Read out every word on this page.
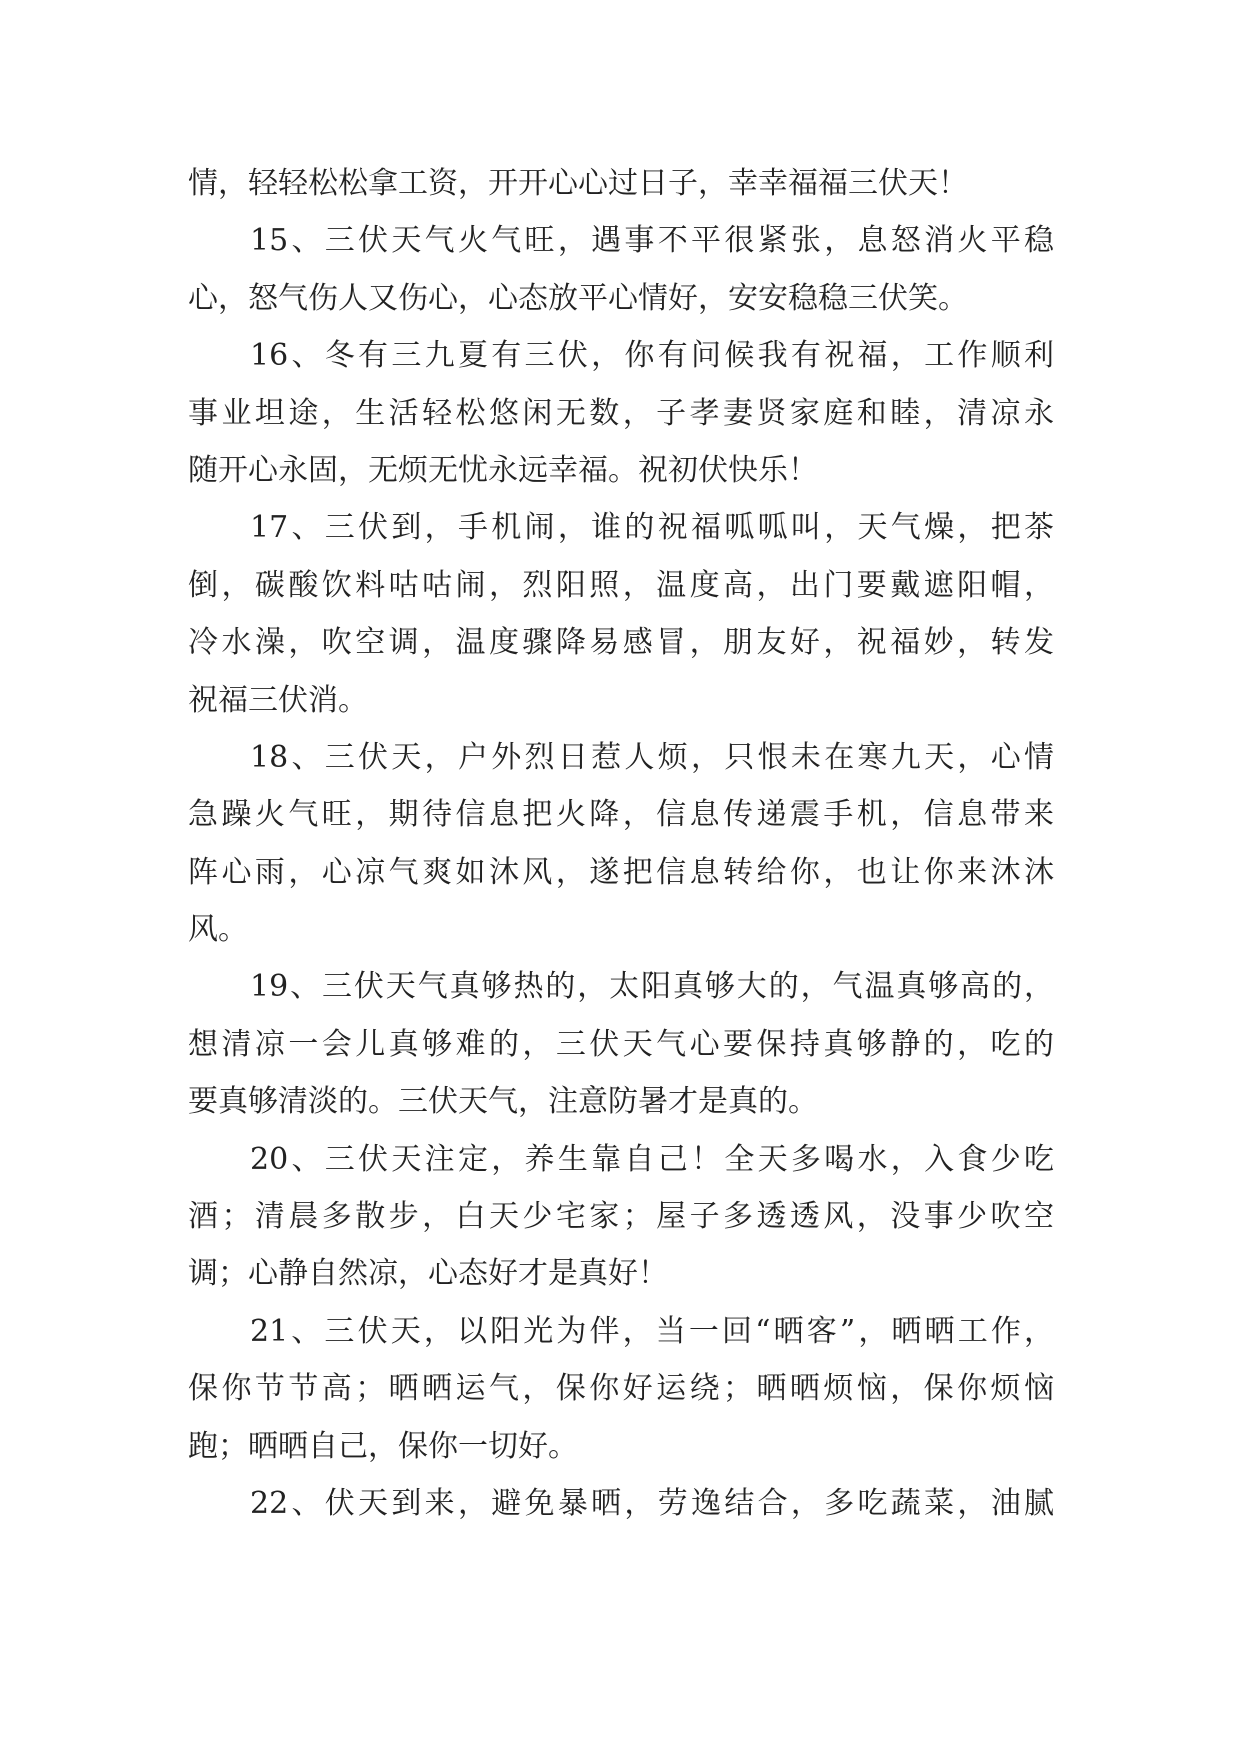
情，轻轻松松拿工资，开开心心过日子，幸幸福福三伏天！
15、三伏天气火气旺，遇事不平很紧张，息怒消火平稳
心，怒气伤人又伤心，心态放平心情好，安安稳稳三伏笑。
16、冬有三九夏有三伏，你有问候我有祝福，工作顺利
事业坦途，生活轻松悠闲无数，子孝妻贤家庭和睦，清凉永
随开心永固，无烦无忧永远幸福。祝初伏快乐！
17、三伏到，手机闹，谁的祝福呱呱叫，天气燥，把茶
倒，碳酸饮料咕咕闹，烈阳照，温度高，出门要戴遮阳帽，
冷水澡，吹空调，温度骤降易感冒，朋友好，祝福妙，转发
祝福三伏消。
18、三伏天，户外烈日惹人烦，只恨未在寒九天，心情
急躁火气旺，期待信息把火降，信息传递震手机，信息带来
阵心雨，心凉气爽如沐风，遂把信息转给你，也让你来沐沐
风。
19、三伏天气真够热的，太阳真够大的，气温真够高的，
想清凉一会儿真够难的，三伏天气心要保持真够静的，吃的
要真够清淡的。三伏天气，注意防暑才是真的。
20、三伏天注定，养生靠自己！全天多喝水，入食少吃
酒；清晨多散步，白天少宅家；屋子多透透风，没事少吹空
调；心静自然凉，心态好才是真好！
21、三伏天，以阳光为伴，当一回“晒客”，晒晒工作，
保你节节高；晒晒运气，保你好运绕；晒晒烦恼，保你烦恼
跑；晒晒自己，保你一切好。
22、伏天到来，避免暴晒，劳逸结合，多吃蔬菜，油腻
